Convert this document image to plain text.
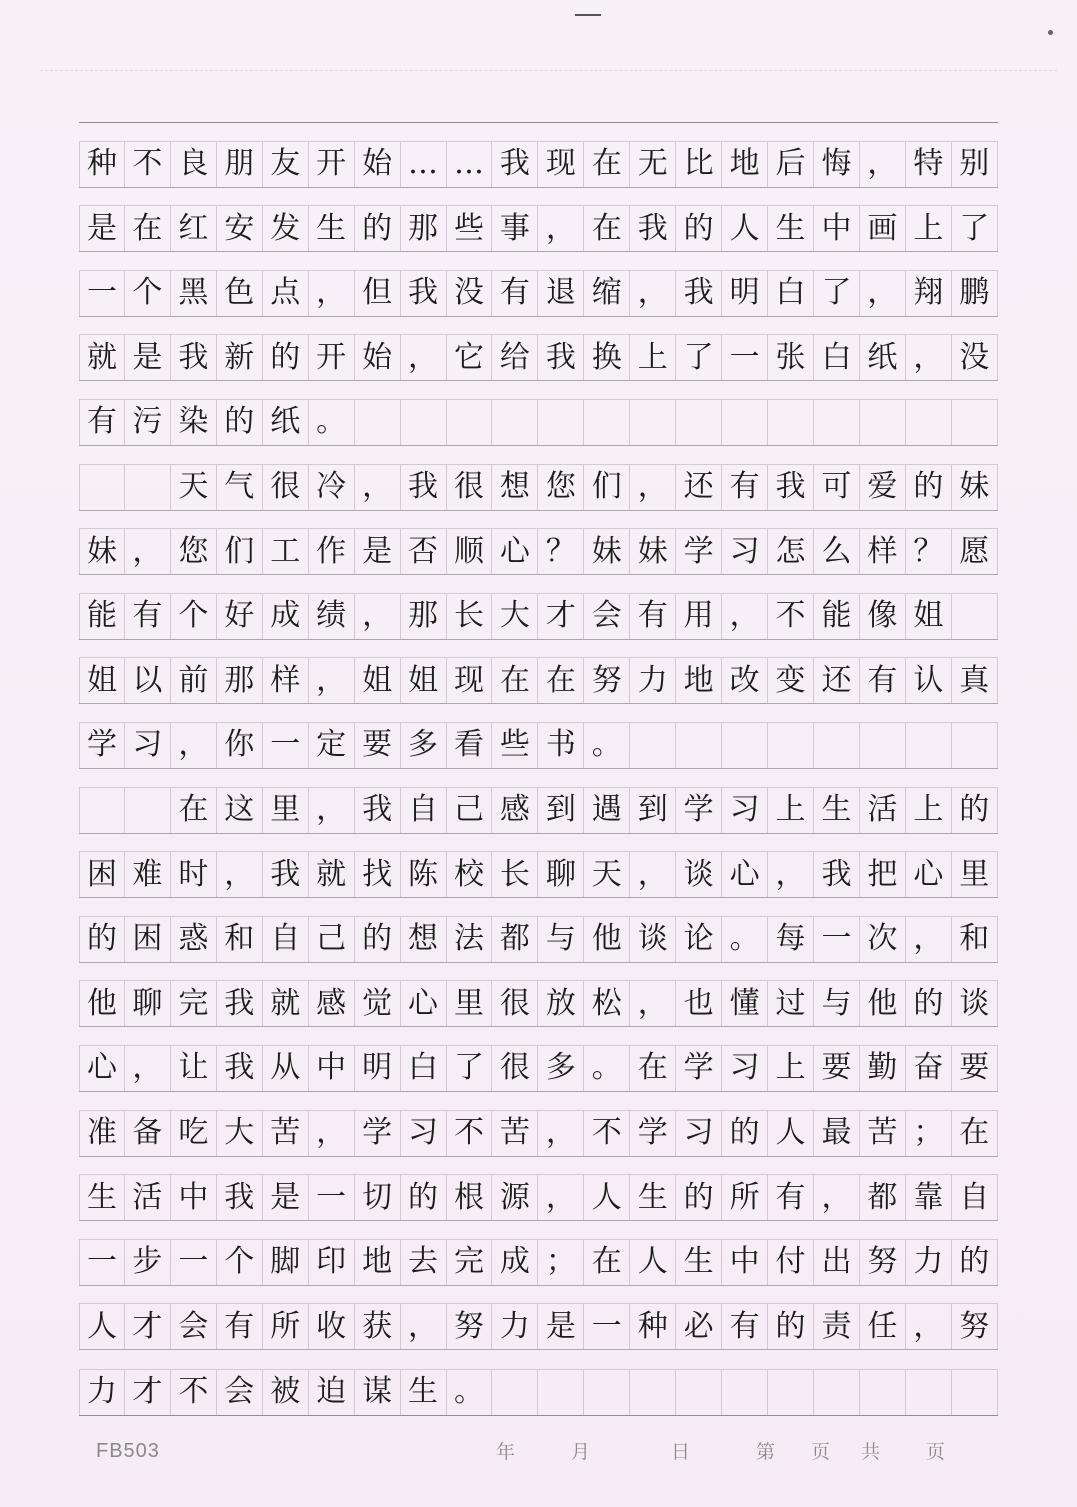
种 不 良 朋 友 开 始 … … 我 现 在 无 比 地 后 悔 ， 特 别
是 在 红 安 发 生 的 那 些 事 ， 在 我 的 人 生 中 画 上 了
一 个 黑 色 点 ， 但 我 没 有 退 缩 ， 我 明 白 了 ， 翔 鹏
就 是 我 新 的 开 始 ， 它 给 我 换 上 了 一 张 白 纸 ， 没
有 污 染 的 纸 。
天 气 很 冷 ， 我 很 想 您 们 ， 还 有 我 可 爱 的 妹
妹 ， 您 们 工 作 是 否 顺 心 ？ 妹 妹 学 习 怎 么 样 ？ 愿
能 有 个 好 成 绩 ， 那 长 大 才 会 有 用 ， 不 能 像 姐
姐 以 前 那 样 ， 姐 姐 现 在 在 努 力 地 改 变 还 有 认 真
学 习 ， 你 一 定 要 多 看 些 书 。
在 这 里 ， 我 自 己 感 到 遇 到 学 习 上 生 活 上 的
困 难 时 ， 我 就 找 陈 校 长 聊 天 ， 谈 心 ， 我 把 心 里
的 困 惑 和 自 己 的 想 法 都 与 他 谈 论 。 每 一 次 ， 和
他 聊 完 我 就 感 觉 心 里 很 放 松 ， 也 懂 过 与 他 的 谈
心 ， 让 我 从 中 明 白 了 很 多 。 在 学 习 上 要 勤 奋 要
准 备 吃 大 苦 ， 学 习 不 苦 ， 不 学 习 的 人 最 苦 ； 在
生 活 中 我 是 一 切 的 根 源 ， 人 生 的 所 有 ， 都 靠 自
一 步 一 个 脚 印 地 去 完 成 ； 在 人 生 中 付 出 努 力 的
人 才 会 有 所 收 获 ， 努 力 是 一 种 必 有 的 责 任 ， 努
力 才 不 会 被 迫 谋 生 。
FB503	年	月	日	第	页	共	页
